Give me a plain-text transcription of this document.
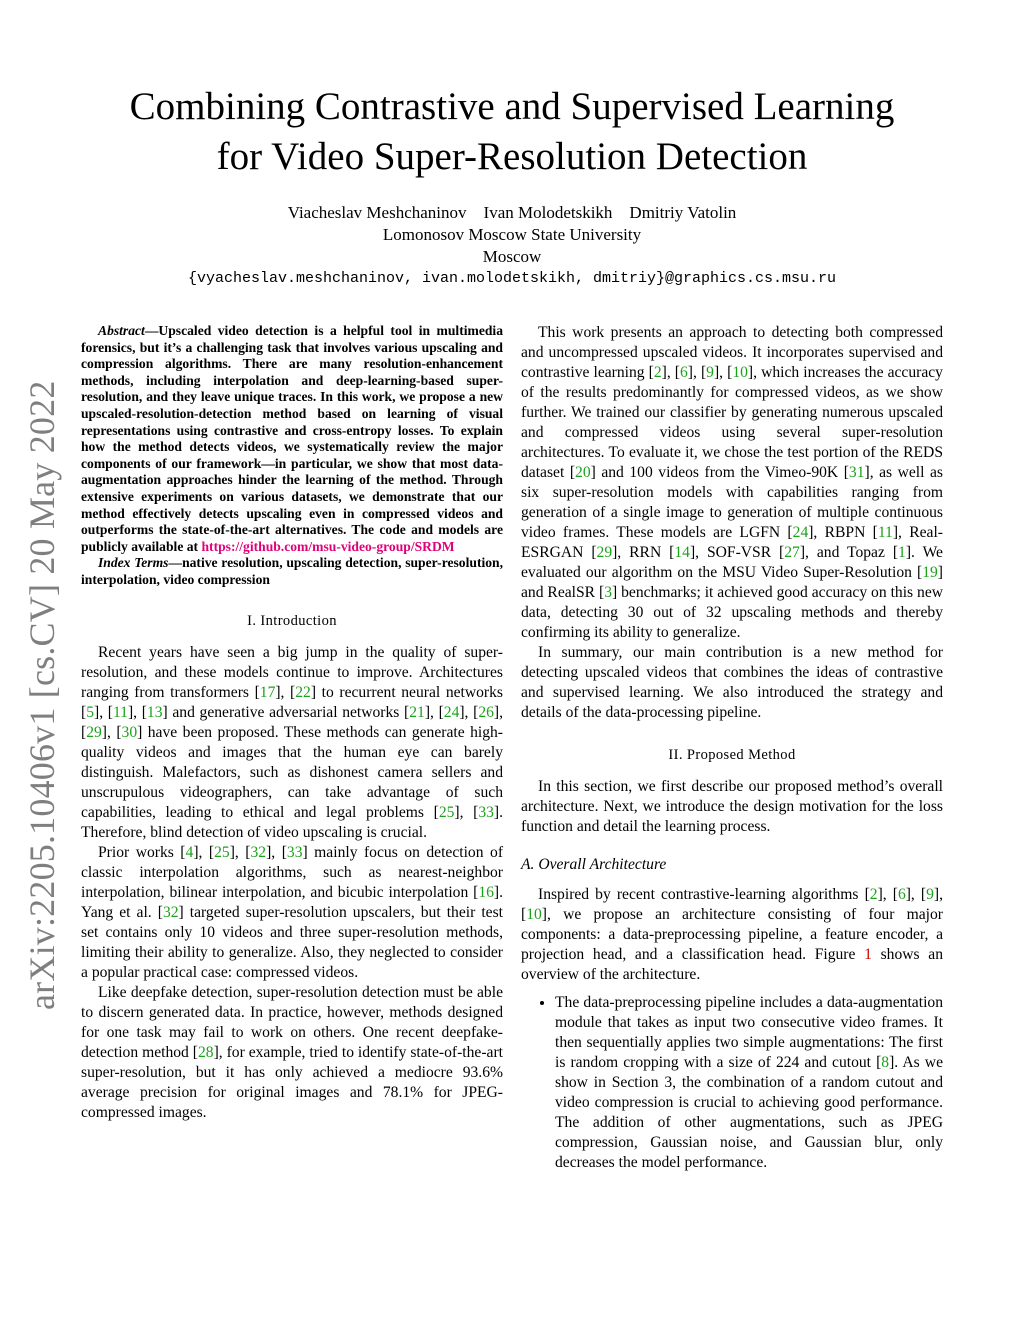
arXiv:2205.10406v1 [cs.CV] 20 May 2022
Combining Contrastive and Supervised Learning
for Video Super-Resolution Detection
Viacheslav Meshchaninov    Ivan Molodetskikh    Dmitriy Vatolin
Lomonosov Moscow State University
Moscow
{vyacheslav.meshchaninov, ivan.molodetskikh, dmitriy}@graphics.cs.msu.ru

Abstract—Upscaled video detection is a helpful tool in multimedia forensics, but it’s a challenging task that involves various upscaling and compression algorithms. There are many resolution-enhancement methods, including interpolation and deep-learning-based super-resolution, and they leave unique traces. In this work, we propose a new upscaled-resolution-detection method based on learning of visual representations using contrastive and cross-entropy losses. To explain how the method detects videos, we systematically review the major components of our framework—in particular, we show that most data-augmentation approaches hinder the learning of the method. Through extensive experiments on various datasets, we demonstrate that our method effectively detects upscaling even in compressed videos and outperforms the state-of-the-art alternatives. The code and models are publicly available at https://github.com/msu-video-group/SRDM

Index Terms—native resolution, upscaling detection, super-resolution, interpolation, video compression

I. Introduction

Recent years have seen a big jump in the quality of super-resolution, and these models continue to improve. Architectures ranging from transformers [17], [22] to recurrent neural networks [5], [11], [13] and generative adversarial networks [21], [24], [26], [29], [30] have been proposed. These methods can generate high-quality videos and images that the human eye can barely distinguish. Malefactors, such as dishonest camera sellers and unscrupulous videographers, can take advantage of such capabilities, leading to ethical and legal problems [25], [33]. Therefore, blind detection of video upscaling is crucial.

Prior works [4], [25], [32], [33] mainly focus on detection of classic interpolation algorithms, such as nearest-neighbor interpolation, bilinear interpolation, and bicubic interpolation [16]. Yang et al. [32] targeted super-resolution upscalers, but their test set contains only 10 videos and three super-resolution methods, limiting their ability to generalize. Also, they neglected to consider a popular practical case: compressed videos.

Like deepfake detection, super-resolution detection must be able to discern generated data. In practice, however, methods designed for one task may fail to work on others. One recent deepfake-detection method [28], for example, tried to identify state-of-the-art super-resolution, but it has only achieved a mediocre 93.6% average precision for original images and 78.1% for JPEG-compressed images.

This work presents an approach to detecting both compressed and uncompressed upscaled videos. It incorporates supervised and contrastive learning [2], [6], [9], [10], which increases the accuracy of the results predominantly for compressed videos, as we show further. We trained our classifier by generating numerous upscaled and compressed videos using several super-resolution architectures. To evaluate it, we chose the test portion of the REDS dataset [20] and 100 videos from the Vimeo-90K [31], as well as six super-resolution models with capabilities ranging from generation of a single image to generation of multiple continuous video frames. These models are LGFN [24], RBPN [11], Real-ESRGAN [29], RRN [14], SOF-VSR [27], and Topaz [1]. We evaluated our algorithm on the MSU Video Super-Resolution [19] and RealSR [3] benchmarks; it achieved good accuracy on this new data, detecting 30 out of 32 upscaling methods and thereby confirming its ability to generalize.

In summary, our main contribution is a new method for detecting upscaled videos that combines the ideas of contrastive and supervised learning. We also introduced the strategy and details of the data-processing pipeline.

II. Proposed Method

In this section, we first describe our proposed method’s overall architecture. Next, we introduce the design motivation for the loss function and detail the learning process.

A. Overall Architecture

Inspired by recent contrastive-learning algorithms [2], [6], [9], [10], we propose an architecture consisting of four major components: a data-preprocessing pipeline, a feature encoder, a projection head, and a classification head. Figure 1 shows an overview of the architecture.

• The data-preprocessing pipeline includes a data-augmentation module that takes as input two consecutive video frames. It then sequentially applies two simple augmentations: The first is random cropping with a size of 224 and cutout [8]. As we show in Section 3, the combination of a random cutout and video compression is crucial to achieving good performance. The addition of other augmentations, such as JPEG compression, Gaussian noise, and Gaussian blur, only decreases the model performance.
